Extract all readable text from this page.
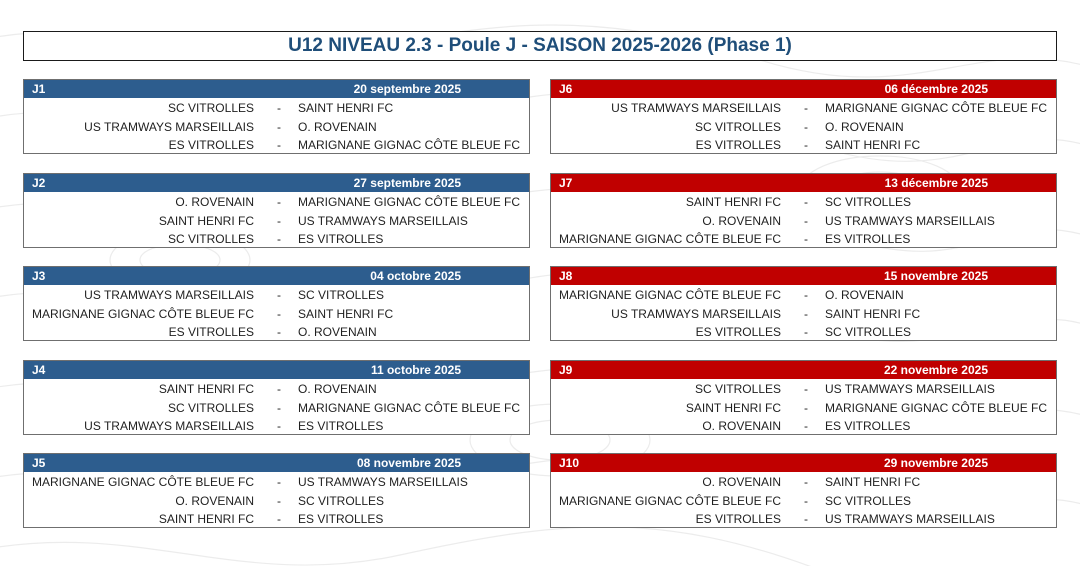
U12 NIVEAU 2.3 - Poule J - SAISON 2025-2026 (Phase 1)
J1	20 septembre 2025
SC VITROLLES - SAINT HENRI FC
US TRAMWAYS MARSEILLAIS - O. ROVENAIN
ES VITROLLES - MARIGNANE GIGNAC CÔTE BLEUE FC
J2	27 septembre 2025
O. ROVENAIN - MARIGNANE GIGNAC CÔTE BLEUE FC
SAINT HENRI FC - US TRAMWAYS MARSEILLAIS
SC VITROLLES - ES VITROLLES
J3	04 octobre 2025
US TRAMWAYS MARSEILLAIS - SC VITROLLES
MARIGNANE GIGNAC CÔTE BLEUE FC - SAINT HENRI FC
ES VITROLLES - O. ROVENAIN
J4	11 octobre 2025
SAINT HENRI FC - O. ROVENAIN
SC VITROLLES - MARIGNANE GIGNAC CÔTE BLEUE FC
US TRAMWAYS MARSEILLAIS - ES VITROLLES
J5	08 novembre 2025
MARIGNANE GIGNAC CÔTE BLEUE FC - US TRAMWAYS MARSEILLAIS
O. ROVENAIN - SC VITROLLES
SAINT HENRI FC - ES VITROLLES
J6	06 décembre 2025
US TRAMWAYS MARSEILLAIS - MARIGNANE GIGNAC CÔTE BLEUE FC
SC VITROLLES - O. ROVENAIN
ES VITROLLES - SAINT HENRI FC
J7	13 décembre 2025
SAINT HENRI FC - SC VITROLLES
O. ROVENAIN - US TRAMWAYS MARSEILLAIS
MARIGNANE GIGNAC CÔTE BLEUE FC - ES VITROLLES
J8	15 novembre 2025
MARIGNANE GIGNAC CÔTE BLEUE FC - O. ROVENAIN
US TRAMWAYS MARSEILLAIS - SAINT HENRI FC
ES VITROLLES - SC VITROLLES
J9	22 novembre 2025
SC VITROLLES - US TRAMWAYS MARSEILLAIS
SAINT HENRI FC - MARIGNANE GIGNAC CÔTE BLEUE FC
O. ROVENAIN - ES VITROLLES
J10	29 novembre 2025
O. ROVENAIN - SAINT HENRI FC
MARIGNANE GIGNAC CÔTE BLEUE FC - SC VITROLLES
ES VITROLLES - US TRAMWAYS MARSEILLAIS
